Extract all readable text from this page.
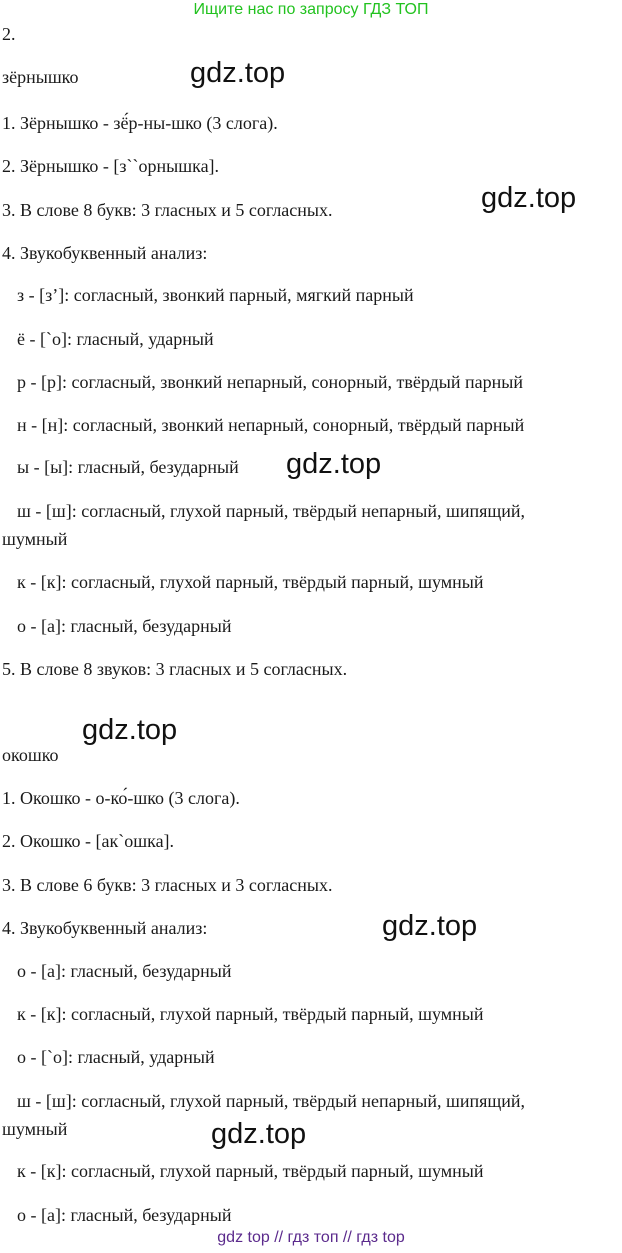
Ищите нас по запросу ГДЗ ТОП
2.
зёрнышко
1. Зёрнышко - зё́р-ны-шко (3 слога).
2. Зёрнышко - [з``орнышка].
3. В слове 8 букв: 3 гласных и 5 согласных.
4. Звукобуквенный анализ:
з - [з’]: согласный, звонкий парный, мягкий парный
ё - [`о]: гласный, ударный
р - [р]: согласный, звонкий непарный, сонорный, твёрдый парный
н - [н]: согласный, звонкий непарный, сонорный, твёрдый парный
ы - [ы]: гласный, безударный
ш - [ш]: согласный, глухой парный, твёрдый непарный, шипящий,
шумный
к - [к]: согласный, глухой парный, твёрдый парный, шумный
о - [а]: гласный, безударный
5. В слове 8 звуков: 3 гласных и 5 согласных.
окошко
1. Окошко - о-ко́-шко (3 слога).
2. Окошко - [ак`ошка].
3. В слове 6 букв: 3 гласных и 3 согласных.
4. Звукобуквенный анализ:
о - [а]: гласный, безударный
к - [к]: согласный, глухой парный, твёрдый парный, шумный
о - [`о]: гласный, ударный
ш - [ш]: согласный, глухой парный, твёрдый непарный, шипящий,
шумный
к - [к]: согласный, глухой парный, твёрдый парный, шумный
о - [а]: гласный, безударный
gdz.top
gdz.top
gdz.top
gdz.top
gdz.top
gdz.top
gdz top // гдз топ // гдз top
